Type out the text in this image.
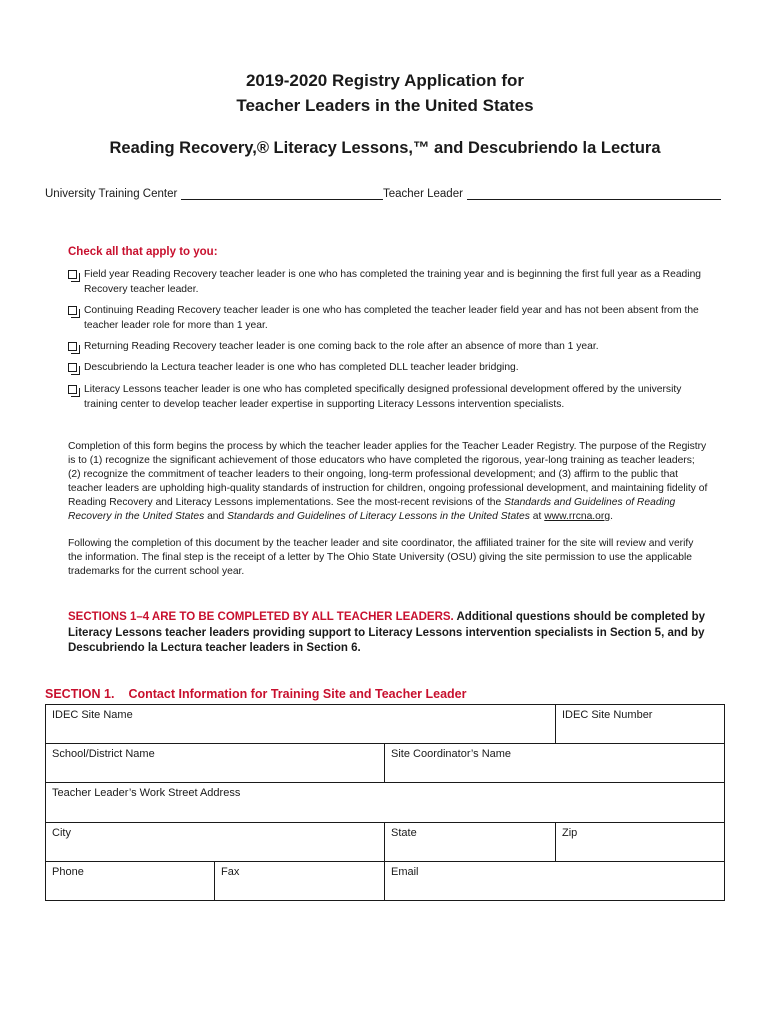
2019-2020 Registry Application for
Teacher Leaders in the United States
Reading Recovery,® Literacy Lessons,™ and Descubriendo la Lectura
University Training Center	Teacher Leader
Check all that apply to you:
Field year Reading Recovery teacher leader is one who has completed the training year and is beginning the first full year as a Reading Recovery teacher leader.
Continuing Reading Recovery teacher leader is one who has completed the teacher leader field year and has not been absent from the teacher leader role for more than 1 year.
Returning Reading Recovery teacher leader is one coming back to the role after an absence of more than 1 year.
Descubriendo la Lectura teacher leader is one who has completed DLL teacher leader bridging.
Literacy Lessons teacher leader is one who has completed specifically designed professional development offered by the university training center to develop teacher leader expertise in supporting Literacy Lessons intervention specialists.
Completion of this form begins the process by which the teacher leader applies for the Teacher Leader Registry. The purpose of the Registry is to (1) recognize the significant achievement of those educators who have completed the rigorous, year-long training as teacher leaders; (2) recognize the commitment of teacher leaders to their ongoing, long-term professional development; and (3) affirm to the public that teacher leaders are upholding high-quality standards of instruction for children, ongoing professional development, and maintaining fidelity of Reading Recovery and Literacy Lessons implementations. See the most-recent revisions of the Standards and Guidelines of Reading Recovery in the United States and Standards and Guidelines of Literacy Lessons in the United States at www.rrcna.org.
Following the completion of this document by the teacher leader and site coordinator, the affiliated trainer for the site will review and verify the information. The final step is the receipt of a letter by The Ohio State University (OSU) giving the site permission to use the applicable trademarks for the current school year.
SECTIONS 1–4 ARE TO BE COMPLETED BY ALL TEACHER LEADERS. Additional questions should be completed by Literacy Lessons teacher leaders providing support to Literacy Lessons intervention specialists in Section 5, and by Descubriendo la Lectura teacher leaders in Section 6.
SECTION 1. Contact Information for Training Site and Teacher Leader
IDEC Site Name	IDEC Site Number
School/District Name	Site Coordinator’s Name
Teacher Leader’s Work Street Address
City	State	Zip
Phone	Fax	Email
